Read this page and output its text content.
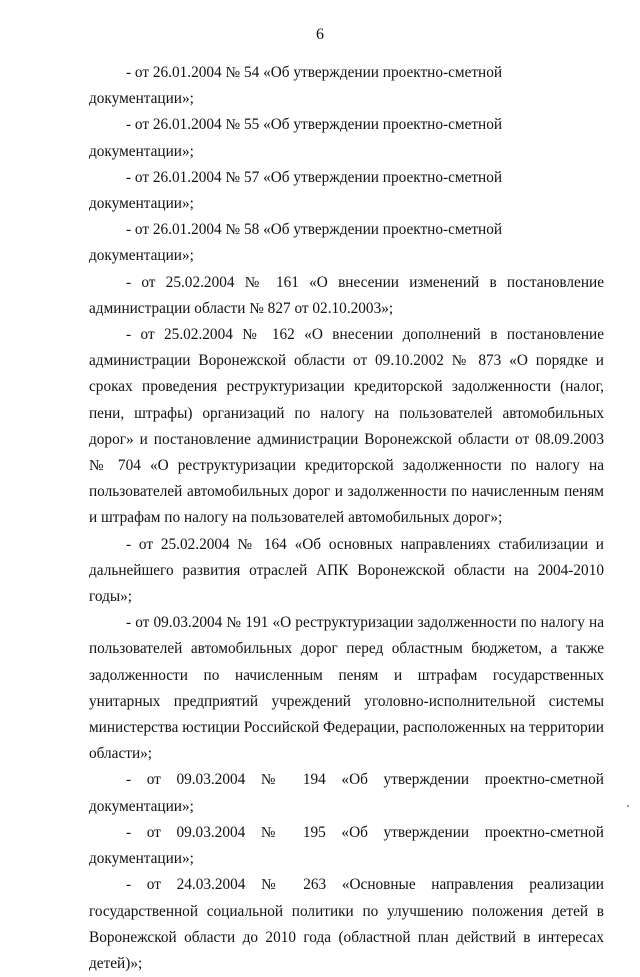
6

- от 26.01.2004 № 54 «Об утверждении проектно-сметной документации»;

- от 26.01.2004 № 55 «Об утверждении проектно-сметной документации»;

- от 26.01.2004 № 57 «Об утверждении проектно-сметной документации»;

- от 26.01.2004 № 58 «Об утверждении проектно-сметной документации»;

- от 25.02.2004 № 161 «О внесении изменений в постановление администрации области № 827 от 02.10.2003»;

- от 25.02.2004 № 162 «О внесении дополнений в постановление администрации Воронежской области от 09.10.2002 № 873 «О порядке и сроках проведения реструктуризации кредиторской задолженности (налог, пени, штрафы) организаций по налогу на пользователей автомобильных дорог» и постановление администрации Воронежской области от 08.09.2003 № 704 «О реструктуризации кредиторской задолженности по налогу на пользователей автомобильных дорог и задолженности по начисленным пеням и штрафам по налогу на пользователей автомобильных дорог»;

- от 25.02.2004 № 164 «Об основных направлениях стабилизации и дальнейшего развития отраслей АПК Воронежской области на 2004-2010 годы»;

- от 09.03.2004 № 191 «О реструктуризации задолженности по налогу на пользователей автомобильных дорог перед областным бюджетом, а также задолженности по начисленным пеням и штрафам государственных унитарных предприятий учреждений уголовно-исполнительной системы министерства юстиции Российской Федерации, расположенных на территории области»;

- от 09.03.2004 № 194 «Об утверждении проектно-сметной документации»;

- от 09.03.2004 № 195 «Об утверждении проектно-сметной документации»;

- от 24.03.2004 № 263 «Основные направления реализации государственной социальной политики по улучшению положения детей в Воронежской области до 2010 года (областной план действий в интересах детей)»;
